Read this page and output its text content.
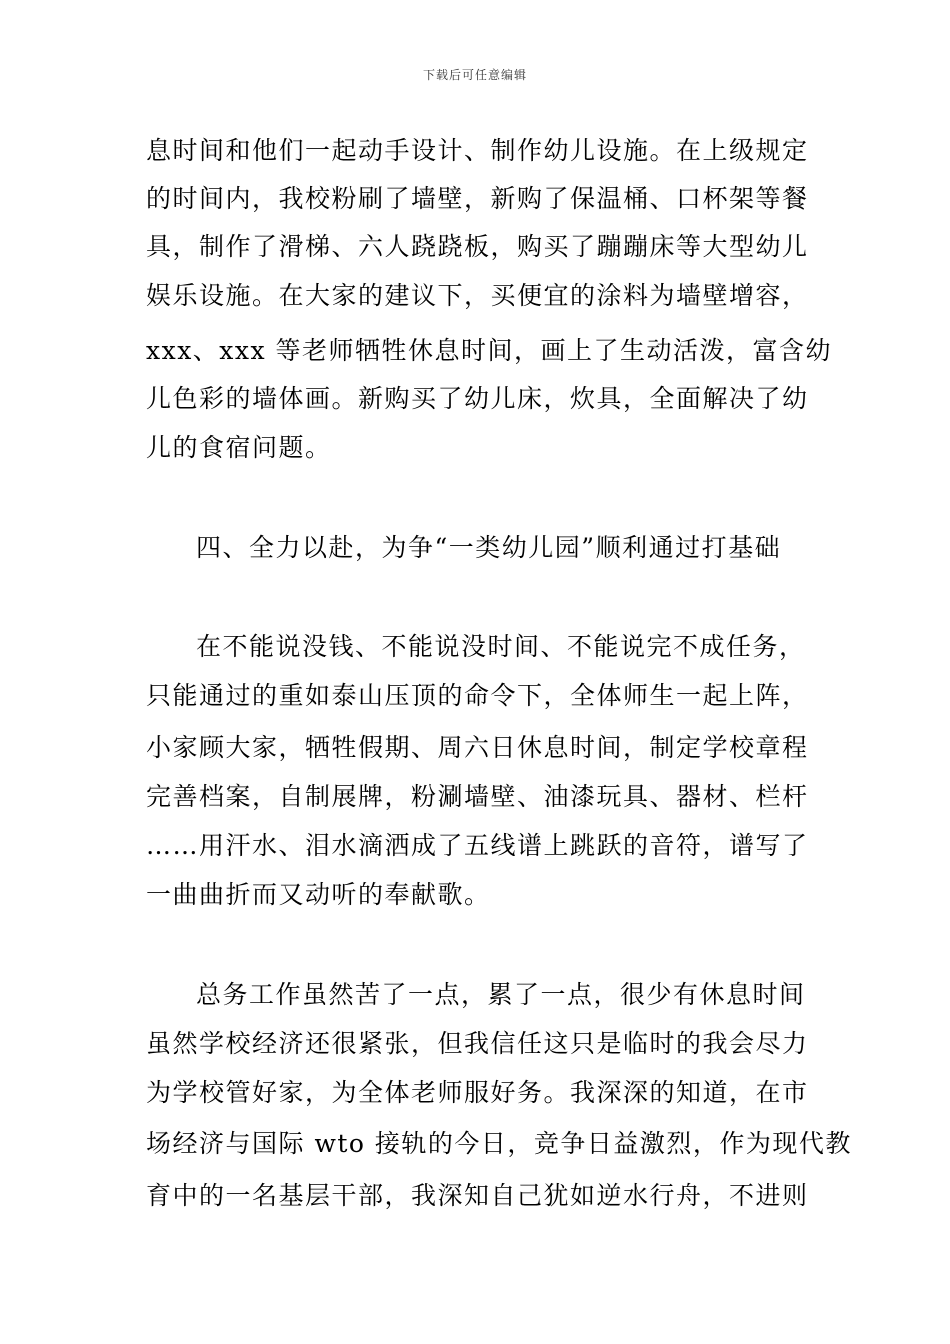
下载后可任意编辑
息时间和他们一起动手设计、制作幼儿设施。在上级规定
的时间内，我校粉刷了墙壁，新购了保温桶、口杯架等餐
具，制作了滑梯、六人跷跷板，购买了蹦蹦床等大型幼儿
娱乐设施。在大家的建议下，买便宜的涂料为墙壁增容，
xxx、xxx 等老师牺牲休息时间，画上了生动活泼，富含幼
儿色彩的墙体画。新购买了幼儿床，炊具，全面解决了幼
儿的食宿问题。
四、全力以赴，为争“一类幼儿园”顺利通过打基础
在不能说没钱、不能说没时间、不能说完不成任务，
只能通过的重如泰山压顶的命令下，全体师生一起上阵，
小家顾大家，牺牲假期、周六日休息时间，制定学校章程
完善档案，自制展牌，粉涮墙壁、油漆玩具、器材、栏杆
……用汗水、泪水滴洒成了五线谱上跳跃的音符，谱写了
一曲曲折而又动听的奉献歌。
总务工作虽然苦了一点，累了一点，很少有休息时间
虽然学校经济还很紧张，但我信任这只是临时的我会尽力
为学校管好家，为全体老师服好务。我深深的知道，在市
场经济与国际 wto 接轨的今日，竞争日益激烈，作为现代教
育中的一名基层干部，我深知自己犹如逆水行舟，不进则
